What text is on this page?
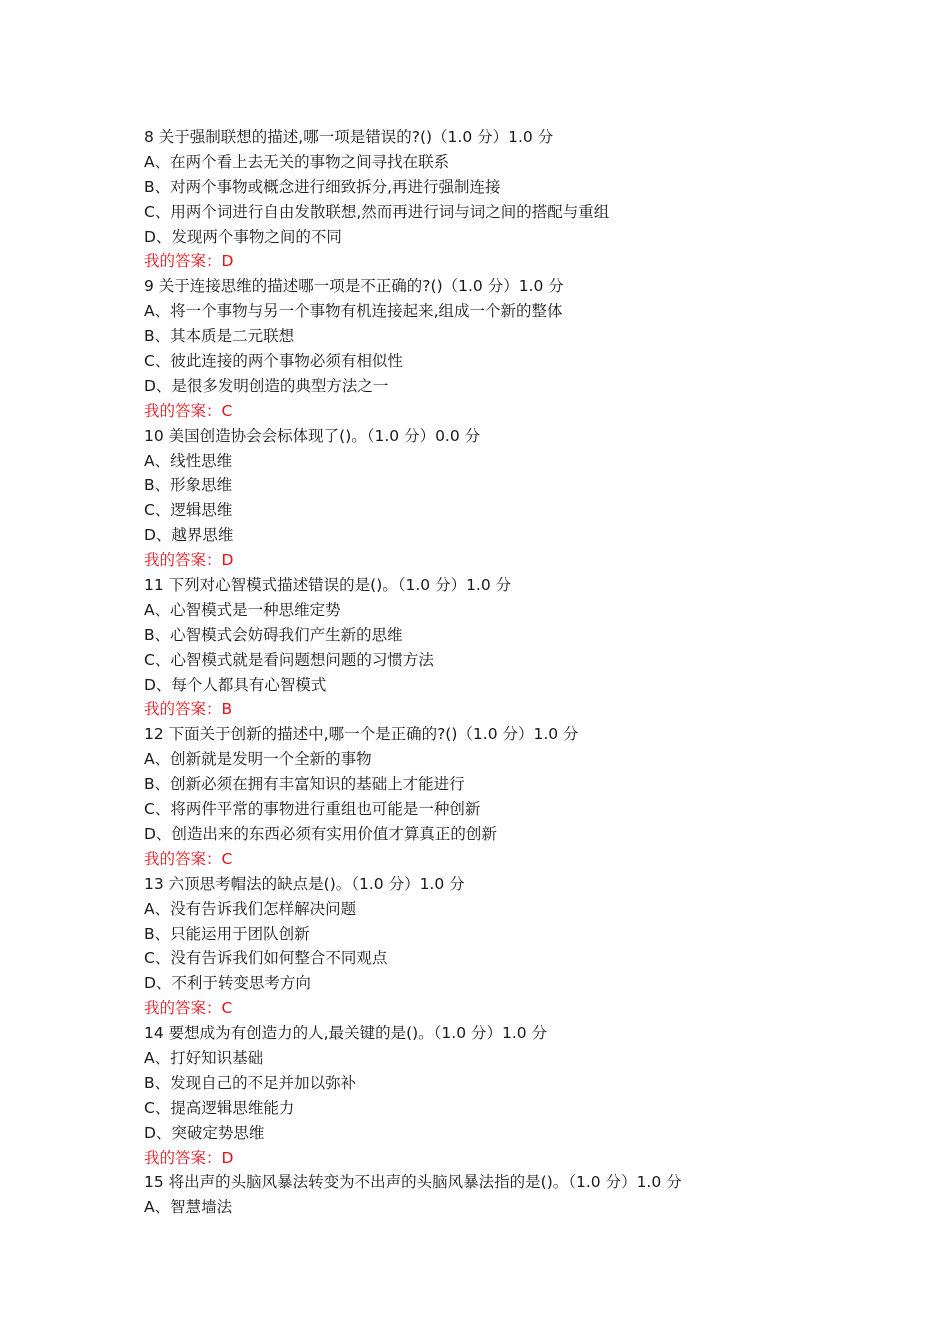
8 关于强制联想的描述,哪一项是错误的?()（1.0 分）1.0 分
A、在两个看上去无关的事物之间寻找在联系
B、对两个事物或概念进行细致拆分,再进行强制连接
C、用两个词进行自由发散联想,然而再进行词与词之间的搭配与重组
D、发现两个事物之间的不同
我的答案：D
9 关于连接思维的描述哪一项是不正确的?()（1.0 分）1.0 分
A、将一个事物与另一个事物有机连接起来,组成一个新的整体
B、其本质是二元联想
C、彼此连接的两个事物必须有相似性
D、是很多发明创造的典型方法之一
我的答案：C
10 美国创造协会会标体现了()。（1.0 分）0.0 分
A、线性思维
B、形象思维
C、逻辑思维
D、越界思维
我的答案：D
11 下列对心智模式描述错误的是()。（1.0 分）1.0 分
A、心智模式是一种思维定势
B、心智模式会妨碍我们产生新的思维
C、心智模式就是看问题想问题的习惯方法
D、每个人都具有心智模式
我的答案：B
12 下面关于创新的描述中,哪一个是正确的?()（1.0 分）1.0 分
A、创新就是发明一个全新的事物
B、创新必须在拥有丰富知识的基础上才能进行
C、将两件平常的事物进行重组也可能是一种创新
D、创造出来的东西必须有实用价值才算真正的创新
我的答案：C
13 六顶思考帽法的缺点是()。（1.0 分）1.0 分
A、没有告诉我们怎样解决问题
B、只能运用于团队创新
C、没有告诉我们如何整合不同观点
D、不利于转变思考方向
我的答案：C
14 要想成为有创造力的人,最关键的是()。（1.0 分）1.0 分
A、打好知识基础
B、发现自己的不足并加以弥补
C、提高逻辑思维能力
D、突破定势思维
我的答案：D
15 将出声的头脑风暴法转变为不出声的头脑风暴法指的是()。（1.0 分）1.0 分
A、智慧墙法
